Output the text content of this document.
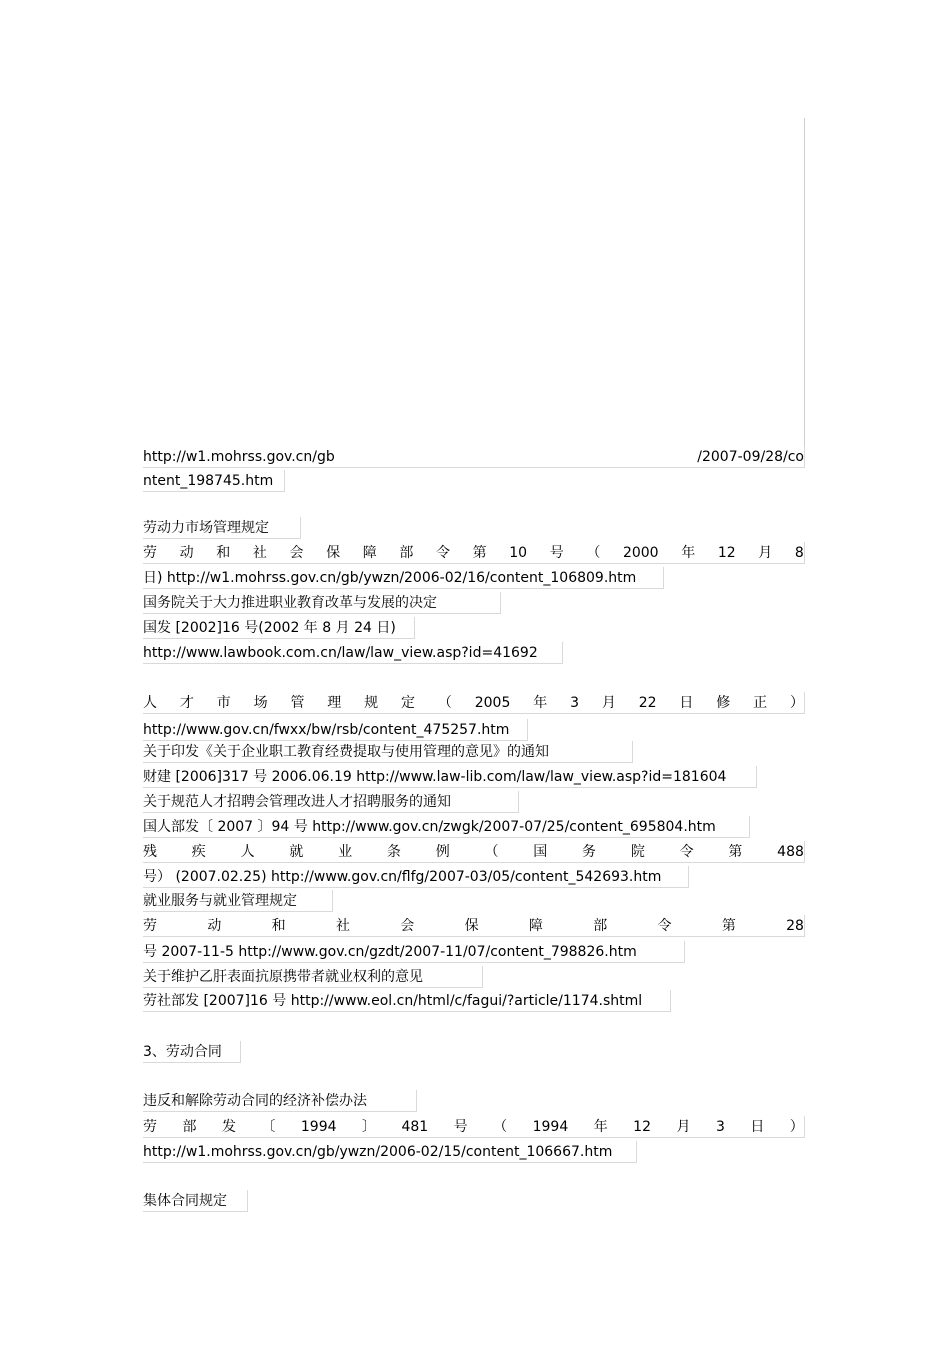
http://w1.mohrss.gov.cn/gb	/2007-09/28/co
ntent_198745.htm
劳动力市场管理规定
劳 动 和 社 会 保 障 部 令 第 10 号 （ 2000 年 12 月 8
日) http://w1.mohrss.gov.cn/gb/ywzn/2006-02/16/content_106809.htm
国务院关于大力推进职业教育改革与发展的决定
国发 [2002]16 号(2002 年 8 月 24 日)
http://www.lawbook.com.cn/law/law_view.asp?id=41692
人 才 市 场 管 理 规 定 （ 2005 年 3 月 22 日 修 正 ）
http://www.gov.cn/fwxx/bw/rsb/content_475257.htm
关于印发《关于企业职工教育经费提取与使用管理的意见》的通知
财建 [2006]317 号 2006.06.19 http://www.law-lib.com/law/law_view.asp?id=181604
关于规范人才招聘会管理改进人才招聘服务的通知
国人部发〔 2007 〕94 号 http://www.gov.cn/zwgk/2007-07/25/content_695804.htm
残 疾 人 就 业 条 例 （ 国 务 院 令 第 488
号） (2007.02.25) http://www.gov.cn/flfg/2007-03/05/content_542693.htm
就业服务与就业管理规定
劳	动	和	社	会	保	障	部	令	第	28
号 2007-11-5 http://www.gov.cn/gzdt/2007-11/07/content_798826.htm
关于维护乙肝表面抗原携带者就业权利的意见
劳社部发 [2007]16 号 http://www.eol.cn/html/c/fagui/?article/1174.shtml
3、劳动合同
违反和解除劳动合同的经济补偿办法
劳 部 发 〔 1994 〕 481 号 （ 1994 年 12 月 3 日 ）
http://w1.mohrss.gov.cn/gb/ywzn/2006-02/15/content_106667.htm
集体合同规定
